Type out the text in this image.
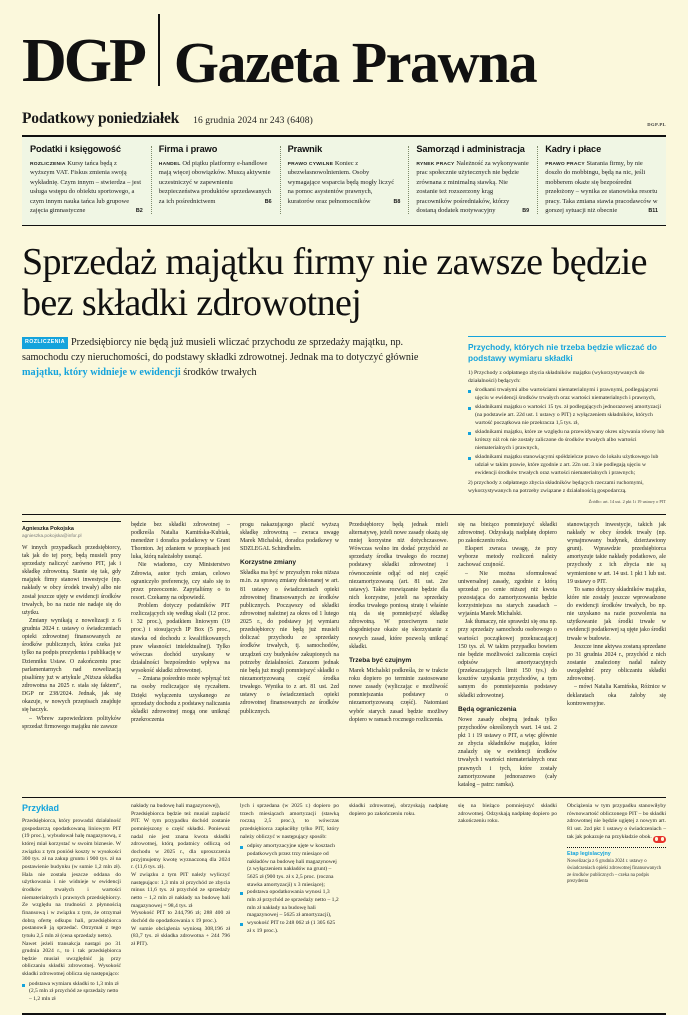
DGP Gazeta Prawna
Podatkowy poniedziałek 16 grudnia 2024 nr 243 (6408)	DGP.PL
Podatki i księgowość

ROZLICZENIA Kursy tańca będą z wyższym VAT. Fiskus zmienia swoją wykładnię. Czym innym – stwierdza – jest usługa wstępu do obiektu sportowego, a czym innym nauka tańca lub grupowe zajęcia gimnastyczne	B2

Firma i prawo

HANDEL Od piątku platformy e-handlowe mają więcej obowiązków. Muszą aktywnie uczestniczyć w zapewnieniu bezpieczeństwa produktów sprzedawanych za ich pośrednictwem	B6

Prawnik

PRAWO CYWILNE Koniec z ubezwłasnowolnieniem. Osoby wymagające wsparcia będą mogły liczyć na pomoc asystentów prawnych, kuratorów oraz pełnomocników	B8

Samorząd i administracja

RYNEK PRACY Należność za wykonywanie prac społecznie użytecznych nie będzie zrównana z minimalną stawką. Nie zostanie też rozszerzony krąg pracowników pośredniaków, którzy dostaną dodatek motywacyjny	B9

Kadry i płace

PRAWO PRACY Starania firmy, by nie doszło do mobbingu, będą na nic, jeśli mobberem okaże się bezpośredni przełożony – wynika ze stanowiska resortu pracy. Taka zmiana stawia pracodawców w gorszej sytuacji niż obecnie	B11

Sprzedaż majątku firmy nie zawsze będzie bez składki zdrowotnej
ROZLICZENIA Przedsiębiorcy nie będą już musieli wliczać przychodu ze sprzedaży majątku, np. samochodu czy nieruchomości, do podstawy składki zdrowotnej. Jednak ma to dotyczyć głównie majątku, który widnieje w ewidencji środków trwałych
Przychody, których nie trzeba będzie wliczać do podstawy wymiaru składki

1) Przychody z odpłatnego zbycia składników majątku (wykorzystywanych do działalności) będących:

środkami trwałymi albo wartościami niematerialnymi i prawnymi, podlegającymi ujęciu w ewidencji środków trwałych oraz wartości niematerialnych i prawnych,
składnikami majątku o wartości 15 tys. zł podlegających jednorazowej amortyzacji (na podstawie art. 22d ust. 1 ustawy o PIT) z wyłączeniem składników, których wartość początkowa nie przekracza 1,5 tys. zł,
składnikami majątku, które ze względu na przewidywany okres używania równy lub krótszy niż rok nie zostały zaliczone do środków trwałych albo wartości niematerialnych i prawnych,
składnikami majątku stanowiącymi spółdzielcze prawo do lokalu użytkowego lub udział w takim prawie, które zgodnie z art. 22n ust. 3 nie podlegają ujęciu w ewidencji środków trwałych oraz wartości niematerialnych i prawnych;

2) przychody z odpłatnego zbycia składników będących rzeczami ruchomymi, wykorzystywanych na potrzeby związane z działalnością gospodarczą.

Źródło: art. 14 ust. 2 pkt 1i 19 ustawy o PIT
Agnieszka Pokojska
agnieszka.pokojska@infor.pl

W innych przypadkach przedsiębiorcy, tak jak do tej pory, będą musieli przy sprzedaży naliczyć zarówno PIT, jak i składkę zdrowotną. Stanie się tak, gdy majątek firmy stanowi inwestycje (np. nakłady w obcy środek trwały) albo nie został jeszcze ujęty w ewidencji środków trwałych, bo na razie nie nadaje się do użytku.

Zmiany wynikają z nowelizacji z 6 grudnia 2024 r. ustawy o świadczeniach opieki zdrowotnej finansowanych ze środków publicznych, która czeka już tylko na podpis prezydenta i publikację w Dzienniku Ustaw. O zakończeniu prac parlamentarnych nad nowelizacją pisaliśmy już w artykule „Niższa składka zdrowotna na 2025 r. stała się faktem”, DGP nr 238/2024. Jednak, jak się okazuje, w nowych przepisach znajduje się haczyk.

– Wbrew zapowiedziom polityków sprzedaż firmowego majątku nie zawsze

będzie bez składki zdrowotnej – podkreśla Natalia Kamińska-Kubiak, menedżer i doradca podatkowy w Grant Thornton. Jej zdaniem w przepisach jest luka, którą należałoby usunąć.

Nie wiadomo, czy Ministerstwo Zdrowia, autor tych zmian, celowo ograniczyło preferencję, czy stało się to przez przeoczenie. Zapytaliśmy o to resort. Czekamy na odpowiedź.

Problem dotyczy podatników PIT rozliczających się według skali (12 proc. i 32 proc.), podatkiem liniowym (19 proc.) i stosujących IP Box (5 proc., stawka od dochodu z kwalifikowanych praw własności intelektualnej). Tylko wówczas dochód uzyskany w działalności bezpośrednio wpływa na wysokość składki zdrowotnej.

– Zmiana pośrednio może wpłynąć też na osoby rozliczające się ryczałtem. Dzięki wyłączeniu uzyskanego ze sprzedaży dochodu z podstawy naliczania składki zdrowotnej mogą one uniknąć przekroczenia

progu nakazującego płacić wyższą składkę zdrowotną – zwraca uwagę Marek Michalski, doradca podatkowy w SDZLEGAL Schindhelm.

Korzystne zmiany

Składka ma być w przyszłym roku niższa m.in. za sprawą zmiany dokonanej w art. 81 ustawy o świadczeniach opieki zdrowotnej finansowanych ze środków publicznych. Począwszy od składki zdrowotnej należnej za okres od 1 lutego 2025 r., do podstawy jej wymiaru przedsiębiorcy nie będą już musieli doliczać przychodu ze sprzedaży środków trwałych, tj. samochodów, urządzeń czy budynków zakupionych na potrzeby działalności. Zarazem jednak nie będą już mogli pomniejszyć składki o niezamortyzowaną część środka trwałego. Wynika to z art. 81 ust. 2zd ustawy o świadczeniach opieki zdrowotnej finansowanych ze środków publicznych.

Przedsiębiorcy będą jednak mieli alternatywę, jeżeli nowe zasady okażą się mniej korzystne niż dotychczasowe. Wówczas wolno im dodać przychód ze sprzedaży środka trwałego do rocznej podstawy składki zdrowotnej i równocześnie odjąć od niej część niezamortyzowaną (art. 81 ust. 2ze ustawy). Takie rozwiązanie będzie dla nich korzystne, jeżeli na sprzedaży środka trwałego poniosą stratę i właśnie nią da się pomniejszyć składkę zdrowotną. W przeciwnym razie dogodniejsze okaże się skorzystanie z nowych zasad, które pozwolą uniknąć składki.

Trzeba być czujnym

Marek Michalski podkreśla, że w trakcie roku dopiero po terminie zastosowane nowe zasady (wyliczając e możliwość pomniejszania podstawy o niezamortyzowaną część). Natomiast wybór starych zasad będzie możliwy dopiero w ramach rocznego rozliczenia.

się na bieżąco pomniejszyć składki zdrowotnej. Odzyskają nadpłatę dopiero po zakończeniu roku.

Ekspert zwraca uwagę, że przy wyborze metody rozliczeń należy zachować czujność.

– Nie można sformułować uniwersalnej zasady, zgodnie z którą sprzedaż po cenie niższej niż kwota pozostająca do zamortyzowania będzie korzystniejsza na starych zasadach – wyjaśnia Marek Michalski.

Jak tłumaczy, nie sprawdzi się ona np. przy sprzedaży samochodu osobowego o wartości początkowej przekraczającej 150 tys. zł. W takim przypadku bowiem nie będzie możliwości zaliczenia części odpisów amortyzacyjnych (przekraczających limit 150 tys.) do kosztów uzyskania przychodów, a tym samym do pomniejszenia podstawy składki zdrowotnej.

Będą ograniczenia

Nowe zasady obejmą jednak tylko przychodów określonych wart. 14 ust. 2 pkt 1 i 19 ustawy o PIT, a więc głównie ze zbycia składników majątku, które znalazły się w ewidencji środków trwałych i wartości niematerialnych oraz prawnych i tych, które zostały zamortyzowane jednorazowo (cały katalog – patrz: ramka).

stanowiących inwestycje, takich jak nakłady w obcy środek trwały (np. wynajmowany budynek, dzierżawiony grunt). Wprawdzie przedsiębiorca amortyzuje takie nakłady podatkowo, ale przychody z ich zbycia nie są wymienione w art. 14 ust. 1 pkt 1 lub ust. 19 ustawy o PIT.

To samo dotyczy składników majątku, które nie zostały jeszcze wprowadzone do ewidencji środków trwałych, bo np. nie uzyskano na razie pozwolenia na użytkowanie jak środki trwałe w ewidencji podatkowej są ujęte jako środki trwałe w budowie.

Jeszcze inne aktywa zostaną sprzedane po 31 grudnia 2024 r., przychód z nich zostanie znaleziony nadal należy uwzględnić przy obliczaniu składki zdrowotnej.

– mówi Natalia Kamińska, Różnice w deklaratach oka żałoby się kontrowersyjne.

Przykład

Przedsiębiorca, który prowadzi działalność gospodarczą opodatkowaną liniowym PIT (19 proc.), wybudował halę magazynową, z której miał korzystać w swoim biznesie. W związku z tym poniósł koszty w wysokości 300 tys. zł na zakup gruntu i 900 tys. zł na postawienie budynku (w sumie 1,2 mln zł). Hala nie została jeszcze oddana do użytkowania i nie widnieje w ewidencji środków trwałych i wartości niematerialnych i prawnych przedsiębiorcy. Ze względu na trudności z płynnością finansową i w związku z tym, że otrzymał dobrą ofertę odkupu hali, przedsiębiorca postanowił ją sprzedać. Otrzymał z tego tytułu 2,5 mln zł (cena sprzedaży netto).

Nawet jeżeli transakcja nastąpi po 31 grudnia 2024 r., to i tak przedsiębiorca będzie musiał uwzględnić ją przy obliczaniu składki zdrowotnej. Wysokość składki zdrowotnej oblicza się następująco:

podstawa wymiaru składki to 1,3 mln zł (2,5 mln zł przychód ze sprzedaży netto – 1,2 mln zł

nakłady na budowę hali magazynowej),

Przedsiębiorca będzie też musiał zapłacić PIT. W tym przypadku dochód zostanie pomniejszony o część składki. Ponieważ nadal nie jest znana kwota składki zdrowotnej, którą podatnicy odliczą od dochodu w 2025 r., dla uproszczenia przyjmujemy kwotę wyznaczoną dla 2024 r. (11,6 tys. zł).

W związku z tym PIT należy wyliczyć następująco: 1,3 mln zł przychód ze zbycia minus 11,6 tys. zł przychód ze sprzedaży netto – 1,2 mln zł nakłady na budowę hali magazynowej = 98,4 tys. zł

Wysokość PIT to 244,796 zł; 288 400 zł dochód do opodatkowania x 19 proc.).

W sumie obciążenia wyniosą 308,196 zł (83,7 tys. zł składka zdrowotna + 244 796 zł PIT).

lych i sprzedana (w 2025 r.) dopiero po trzech miesiącach amortyzacji (stawką roczną 2,5 proc.), to wówczas przedsiębiorca zapłaciłby tylko PIT, który należy obliczyć w następujący sposób:

odpisy amortyzacyjne ujęte w kosztach podatkowych przez trzy miesiące od nakładów na budowę hali magazynowej (z wyłączeniem nakładów na grunt) – 5625 zł (900 tys. zł x 2,5 proc. (roczna stawka amortyzacji) x 3 miesiące);
podstawa opodatkowania wynosi 1,3 mln zł przychód ze sprzedaży netto – 1,2 mln zł nakłady na budowę hali magazynowej – 5625 zł amortyzacji),
wysokość PIT to 248 062 zł (1 305 625 zł x 19 proc.).

składki zdrowotnej, obrzyskają nadpłatę dopiero po zakończeniu roku.

się na bieżąco pomniejszyć składki zdrowotnej. Odzyskają nadpłatę dopiero po zakończeniu roku.

Obciążenia w tym przypadku stanowiłyby równowartość obliczonego PIT – bo składki zdrowotnej nie będzie ugiętej z nowym art. 81 ust. 2zd pkt 1 ustawy o świadczeniach – tak jak pokazuje na przykładzie obok.

Etap legislacyjny

Nowelizacja z 6 grudnia 2024 r. ustawy o świadczeniach opieki zdrowotnej finansowanych ze środków publicznych – czeka na podpis prezydenta
